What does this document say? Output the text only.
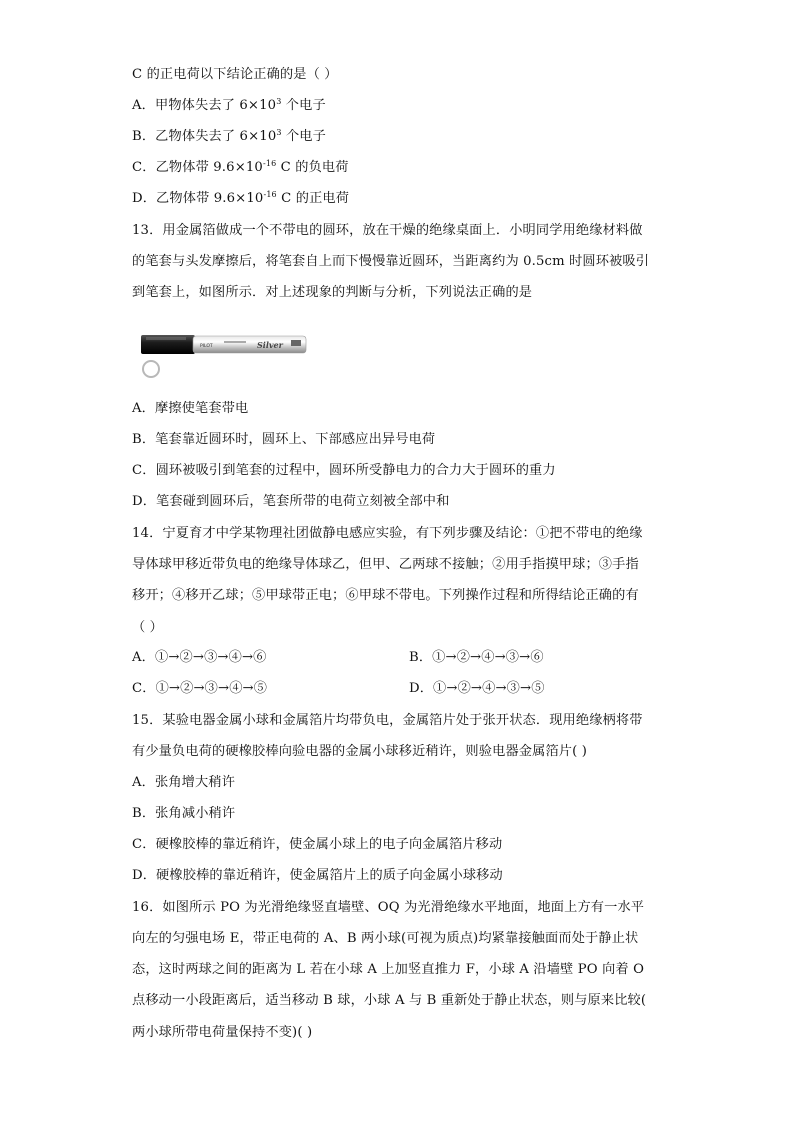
C 的正电荷以下结论正确的是（ ）
A．甲物体失去了 $6\times 10^3$ 个电子
B．乙物体失去了 $6\times 10^3$ 个电子
C．乙物体带 $9.6\times 10^{-16}$ C 的负电荷
D．乙物体带 $9.6\times 10^{-16}$ C 的正电荷
13．用金属箔做成一个不带电的圆环，放在干燥的绝缘桌面上．小明同学用绝缘材料做
的笔套与头发摩擦后，将笔套自上而下慢慢靠近圆环，当距离约为 0.5cm 时圆环被吸引
到笔套上，如图所示．对上述现象的判断与分析，下列说法正确的是
PILOT	Silver
A．摩擦使笔套带电
B．笔套靠近圆环时，圆环上、下部感应出异号电荷
C．圆环被吸引到笔套的过程中，圆环所受静电力的合力大于圆环的重力
D．笔套碰到圆环后，笔套所带的电荷立刻被全部中和
14．宁夏育才中学某物理社团做静电感应实验，有下列步骤及结论：①把不带电的绝缘
导体球甲移近带负电的绝缘导体球乙，但甲、乙两球不接触；②用手指摸甲球；③手指
移开；④移开乙球；⑤甲球带正电；⑥甲球不带电。下列操作过程和所得结论正确的有
（ ）
A．①→②→③→④→⑥	B．①→②→④→③→⑥
C．①→②→③→④→⑤	D．①→②→④→③→⑤
15．某验电器金属小球和金属箔片均带负电，金属箔片处于张开状态．现用绝缘柄将带
有少量负电荷的硬橡胶棒向验电器的金属小球移近稍许，则验电器金属箔片( )
A．张角增大稍许
B．张角减小稍许
C．硬橡胶棒的靠近稍许，使金属小球上的电子向金属箔片移动
D．硬橡胶棒的靠近稍许，使金属箔片上的质子向金属小球移动
16．如图所示 PO 为光滑绝缘竖直墙壁、OQ 为光滑绝缘水平地面，地面上方有一水平
向左的匀强电场 E，带正电荷的 A、B 两小球(可视为质点)均紧靠接触面而处于静止状
态，这时两球之间的距离为 L 若在小球 A 上加竖直推力 F，小球 A 沿墙壁 PO 向着 O
点移动一小段距离后，适当移动 B 球，小球 A 与 B 重新处于静止状态，则与原来比较(
两小球所带电荷量保持不变)( )
